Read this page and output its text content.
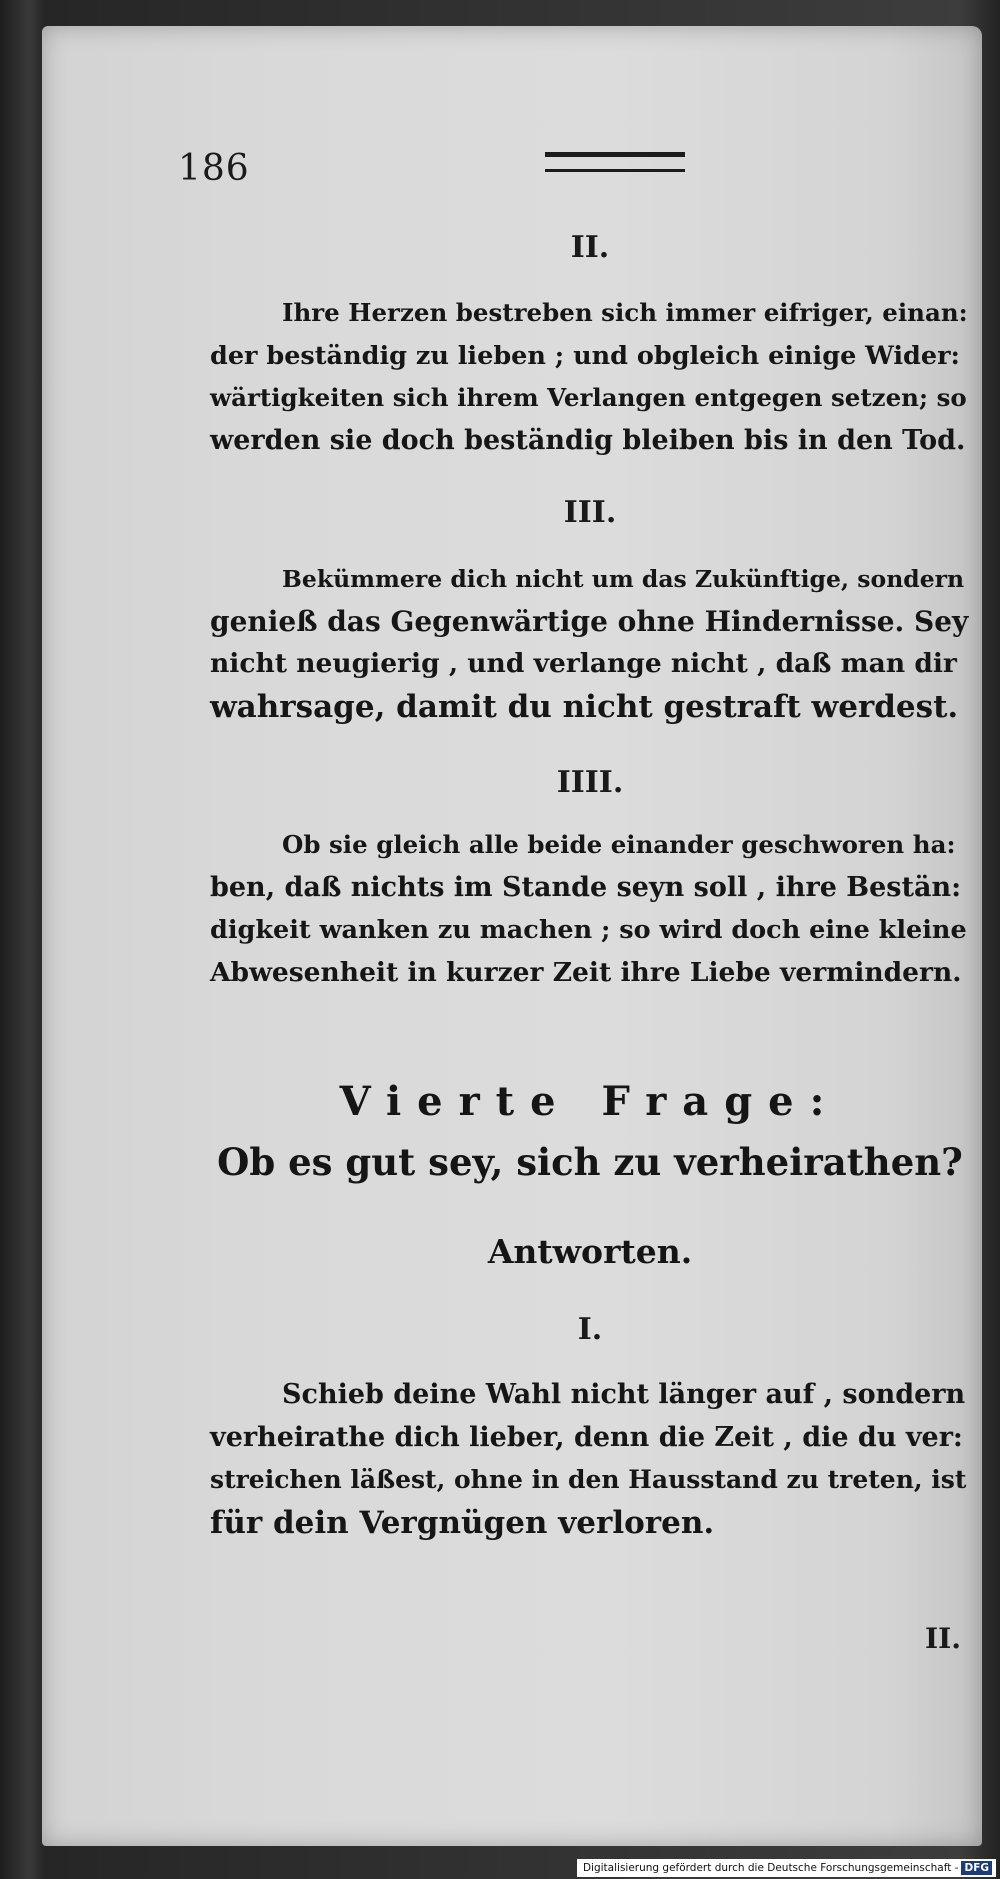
186
II.
Ihre Herzen bestreben sich immer eifriger, einan:
der beständig zu lieben ; und obgleich einige Wider:
wärtigkeiten sich ihrem Verlangen entgegen setzen; so
werden sie doch beständig bleiben bis in den Tod.
III.
Bekümmere dich nicht um das Zukünftige, sondern
genieß das Gegenwärtige ohne Hindernisse. Sey
nicht neugierig , und verlange nicht , daß man dir
wahrsage, damit du nicht gestraft werdest.
IIII.
Ob sie gleich alle beide einander geschworen ha:
ben, daß nichts im Stande seyn soll , ihre Bestän:
digkeit wanken zu machen ; so wird doch eine kleine
Abwesenheit in kurzer Zeit ihre Liebe vermindern.
Vierte Frage:
Ob es gut sey, sich zu verheirathen?
Antworten.
I.
Schieb deine Wahl nicht länger auf , sondern
verheirathe dich lieber, denn die Zeit , die du ver:
streichen läßest, ohne in den Hausstand zu treten, ist
für dein Vergnügen verloren.
II.
Digitalisierung gefördert durch die Deutsche Forschungsgemeinschaft - DFG
